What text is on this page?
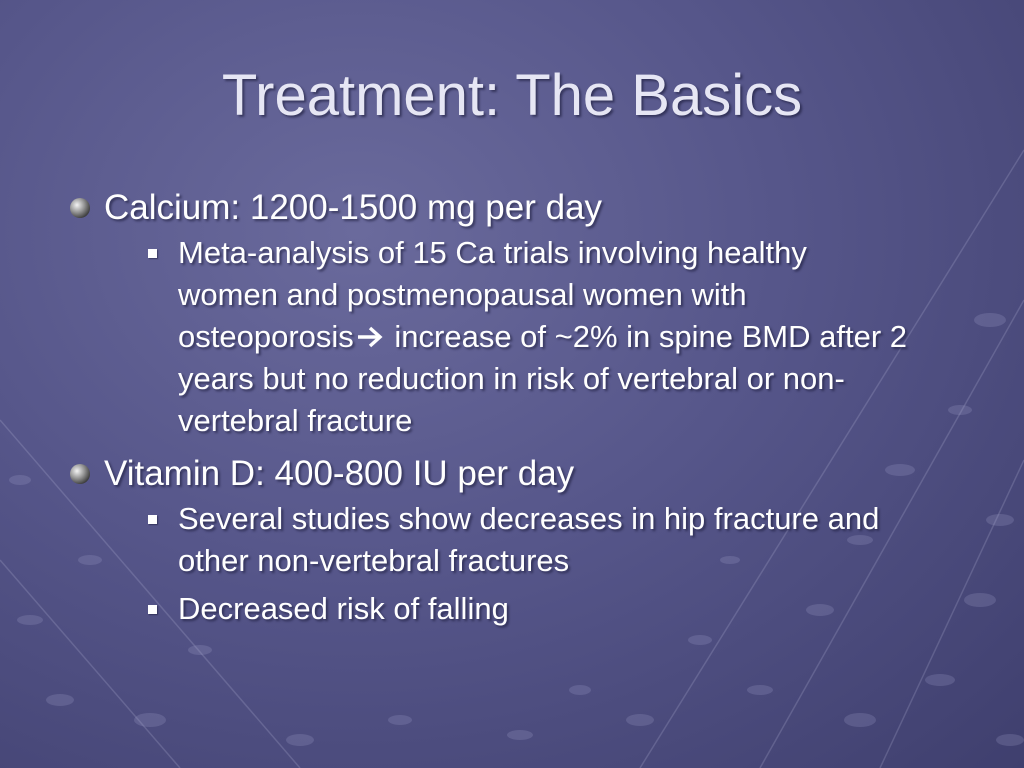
Treatment: The Basics
Calcium: 1200-1500 mg per day
Meta-analysis of 15 Ca trials involving healthy women and postmenopausal women with osteoporosis increase of ~2% in spine BMD after 2 years but no reduction in risk of vertebral or non-vertebral fracture
Vitamin D: 400-800 IU per day
Several studies show decreases in hip fracture and other non-vertebral fractures
Decreased risk of falling
